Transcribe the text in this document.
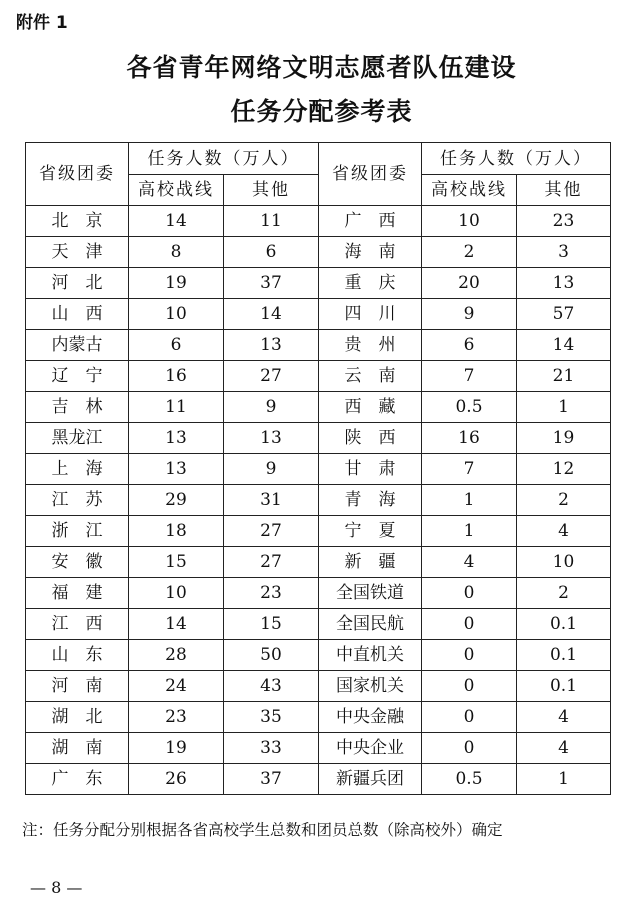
附件 1
各省青年网络文明志愿者队伍建设
任务分配参考表
省级团委	任务人数（万人）		省级团委	任务人数（万人）	
	高校战线	其他		高校战线	其他
北　京	14	11	广　西	10	23
天　津	8	6	海　南	2	3
河　北	19	37	重　庆	20	13
山　西	10	14	四　川	9	57
内蒙古	6	13	贵　州	6	14
辽　宁	16	27	云　南	7	21
吉　林	11	9	西　藏	0.5	1
黑龙江	13	13	陕　西	16	19
上　海	13	9	甘　肃	7	12
江　苏	29	31	青　海	1	2
浙　江	18	27	宁　夏	1	4
安　徽	15	27	新　疆	4	10
福　建	10	23	全国铁道	0	2
江　西	14	15	全国民航	0	0.1
山　东	28	50	中直机关	0	0.1
河　南	24	43	国家机关	0	0.1
湖　北	23	35	中央金融	0	4
湖　南	19	33	中央企业	0	4
广　东	26	37	新疆兵团	0.5	1
注：任务分配分别根据各省高校学生总数和团员总数（除高校外）确定
— 8 —
